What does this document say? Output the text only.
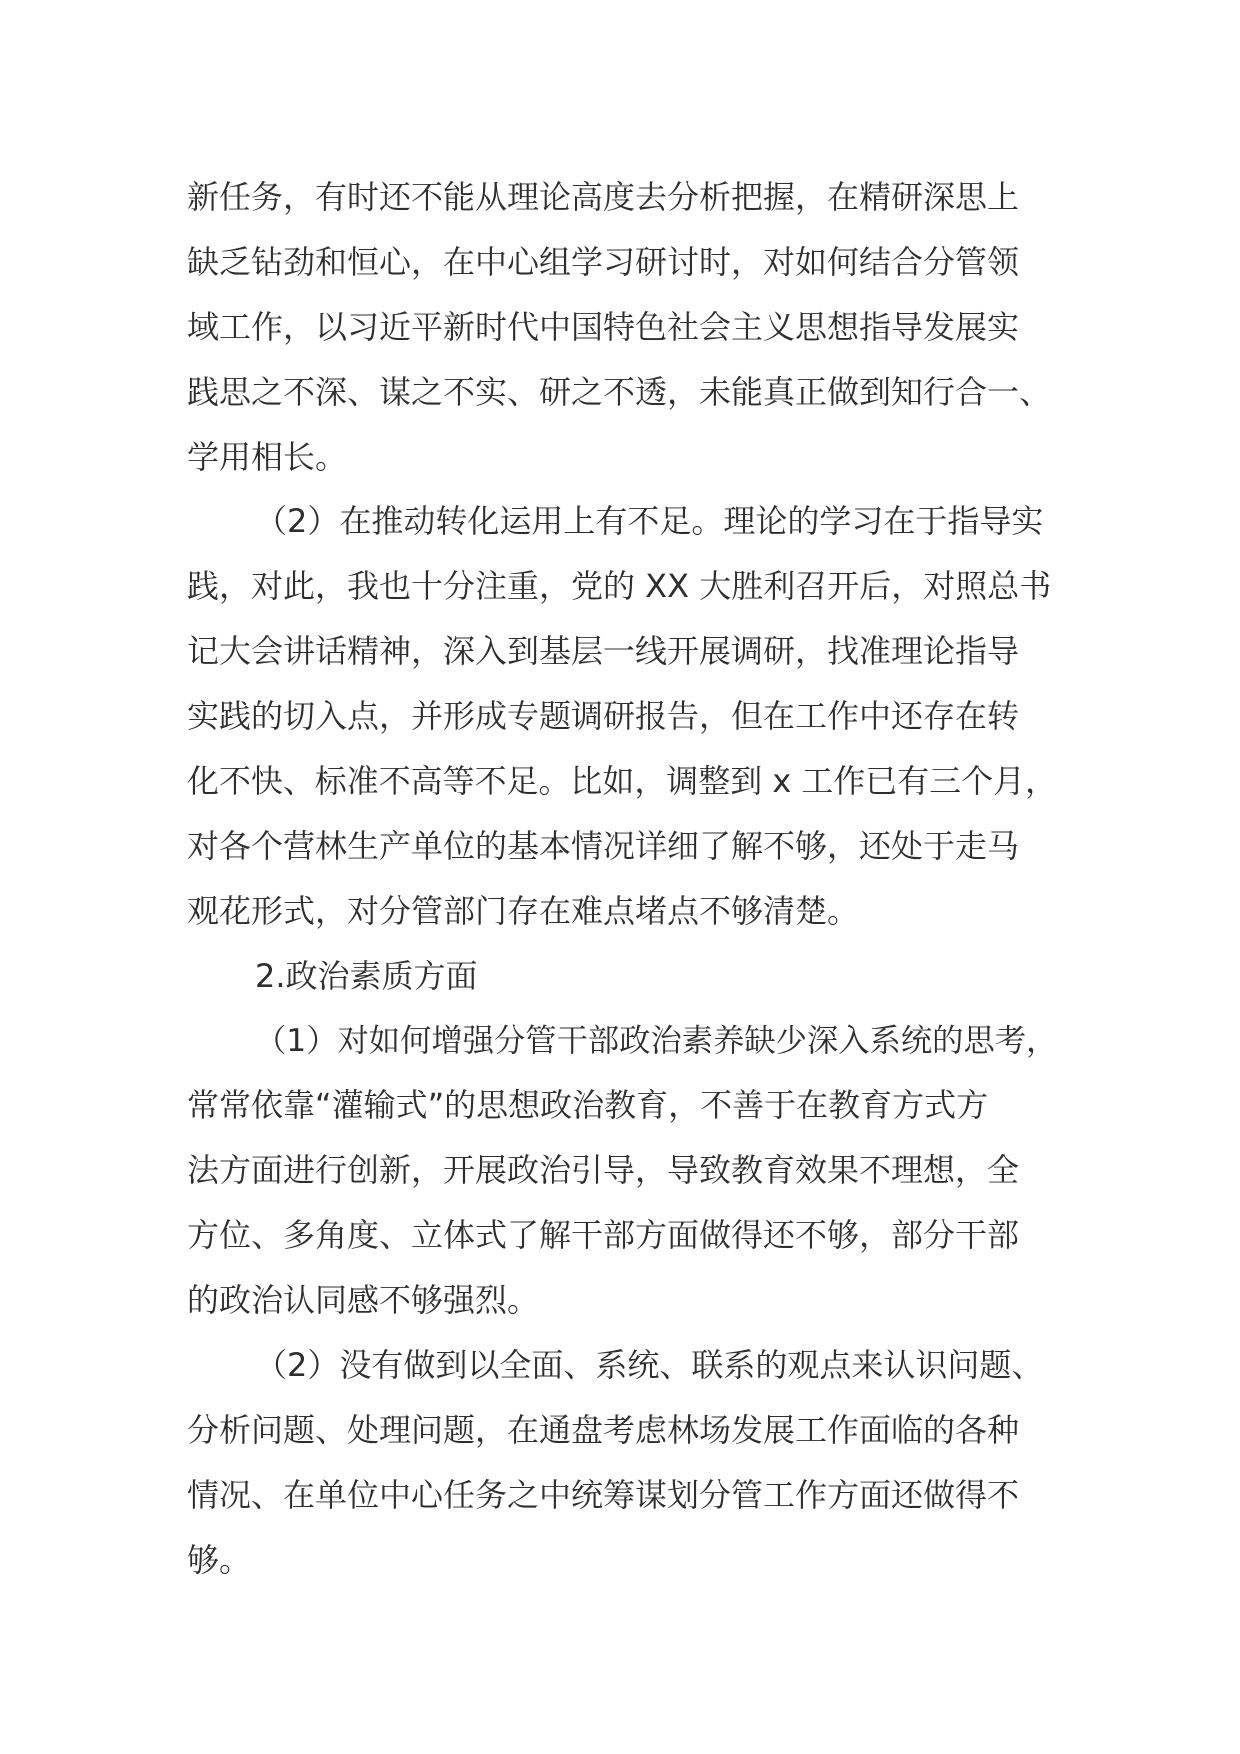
新任务，有时还不能从理论高度去分析把握，在精研深思上
缺乏钻劲和恒心，在中心组学习研讨时，对如何结合分管领
域工作，以习近平新时代中国特色社会主义思想指导发展实
践思之不深、谋之不实、研之不透，未能真正做到知行合一、
学用相长。
（2）在推动转化运用上有不足。理论的学习在于指导实
践，对此，我也十分注重，党的 XX 大胜利召开后，对照总书
记大会讲话精神，深入到基层一线开展调研，找准理论指导
实践的切入点，并形成专题调研报告，但在工作中还存在转
化不快、标准不高等不足。比如，调整到 x 工作已有三个月，
对各个营林生产单位的基本情况详细了解不够，还处于走马
观花形式，对分管部门存在难点堵点不够清楚。
2.政治素质方面
（1）对如何增强分管干部政治素养缺少深入系统的思考，
常常依靠“灌输式”的思想政治教育，不善于在教育方式方
法方面进行创新，开展政治引导，导致教育效果不理想，全
方位、多角度、立体式了解干部方面做得还不够，部分干部
的政治认同感不够强烈。
（2）没有做到以全面、系统、联系的观点来认识问题、
分析问题、处理问题，在通盘考虑林场发展工作面临的各种
情况、在单位中心任务之中统筹谋划分管工作方面还做得不
够。
